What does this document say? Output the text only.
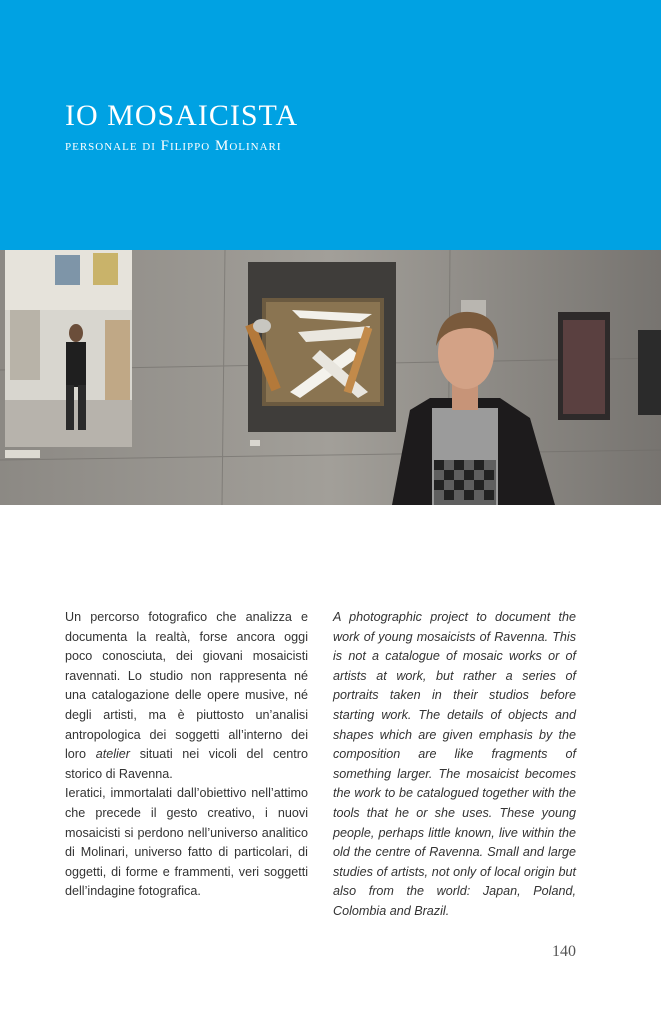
IO MOSAICISTA
personale di Filippo Molinari

Un percorso fotografico che analizza e documenta la realtà, forse ancora oggi poco conosciuta, dei giovani mosaicisti ravennati. Lo studio non rappresenta né una catalogazione delle opere musive, né degli artisti, ma è piuttosto un’analisi antropologica dei soggetti all’interno dei loro atelier situati nei vicoli del centro storico di Ravenna.

Ieratici, immortalati dall’obiettivo nell’attimo che precede il gesto creativo, i nuovi mosaicisti si perdono nell’universo analitico di Molinari, universo fatto di particolari, di oggetti, di forme e frammenti, veri soggetti dell’indagine fotografica.

A photographic project to document the work of young mosaicists of Ravenna. This is not a catalogue of mosaic works or of artists at work, but rather a series of portraits taken in their studios before starting work. The details of objects and shapes which are given emphasis by the composition are like fragments of something larger. The mosaicist becomes the work to be catalogued together with the tools that he or she uses. These young people, perhaps little known, live within the old the centre of Ravenna. Small and large studies of artists, not only of local origin but also from the world: Japan, Poland, Colombia and Brazil.

140
